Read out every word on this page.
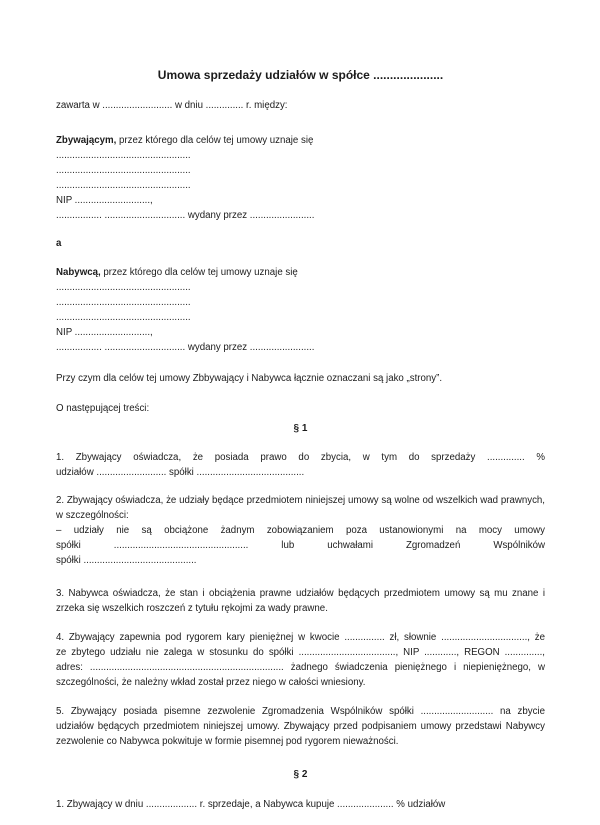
Umowa sprzedaży udziałów w spółce .....................

zawarta w .......................... w dniu .............. r. między:

Zbywającym, przez którego dla celów tej umowy uznaje się

..................................................

..................................................

..................................................

NIP ............................,

................. .............................. wydany przez ........................

a

Nabywcą, przez którego dla celów tej umowy uznaje się

..................................................

..................................................

..................................................

NIP ............................,

................. .............................. wydany przez ........................

Przy czym dla celów tej umowy Zbbywający i Nabywca łącznie oznaczani są jako „strony”.

O następującej treści:

§ 1

1. Zbywający oświadcza, że posiada prawo do zbycia, w tym do sprzedaży .............. %

udziałów .......................... spółki ........................................

2. Zbywający oświadcza, że udziały będące przedmiotem niniejszej umowy są wolne od wszelkich wad prawnych,

w szczególności:

– udziały nie są obciążone żadnym zobowiązaniem poza ustanowionymi na mocy umowy

spółki .................................................. lub uchwałami Zgromadzeń Wspólników

spółki ..........................................

3. Nabywca oświadcza, że stan i obciążenia prawne udziałów będących przedmiotem umowy są mu znane i

zrzeka się wszelkich roszczeń z tytułu rękojmi za wady prawne.

4. Zbywający zapewnia pod rygorem kary pieniężnej w kwocie ............... zł, słownie ................................, że

ze zbytego udziału nie zalega w stosunku do spółki ...................................., NIP ............, REGON ..............,

adres: ........................................................................ żadnego świadczenia pieniężnego i niepieniężnego, w

szczególności, że należny wkład został przez niego w całości wniesiony.

5. Zbywający posiada pisemne zezwolenie Zgromadzenia Wspólników spółki ........................... na zbycie

udziałów będących przedmiotem niniejszej umowy. Zbywający przed podpisaniem umowy przedstawi Nabywcy

zezwolenie co Nabywca pokwituje w formie pisemnej pod rygorem nieważności.

§ 2

1. Zbywający w dniu ................... r. sprzedaje, a Nabywca kupuje ..................... % udziałów
